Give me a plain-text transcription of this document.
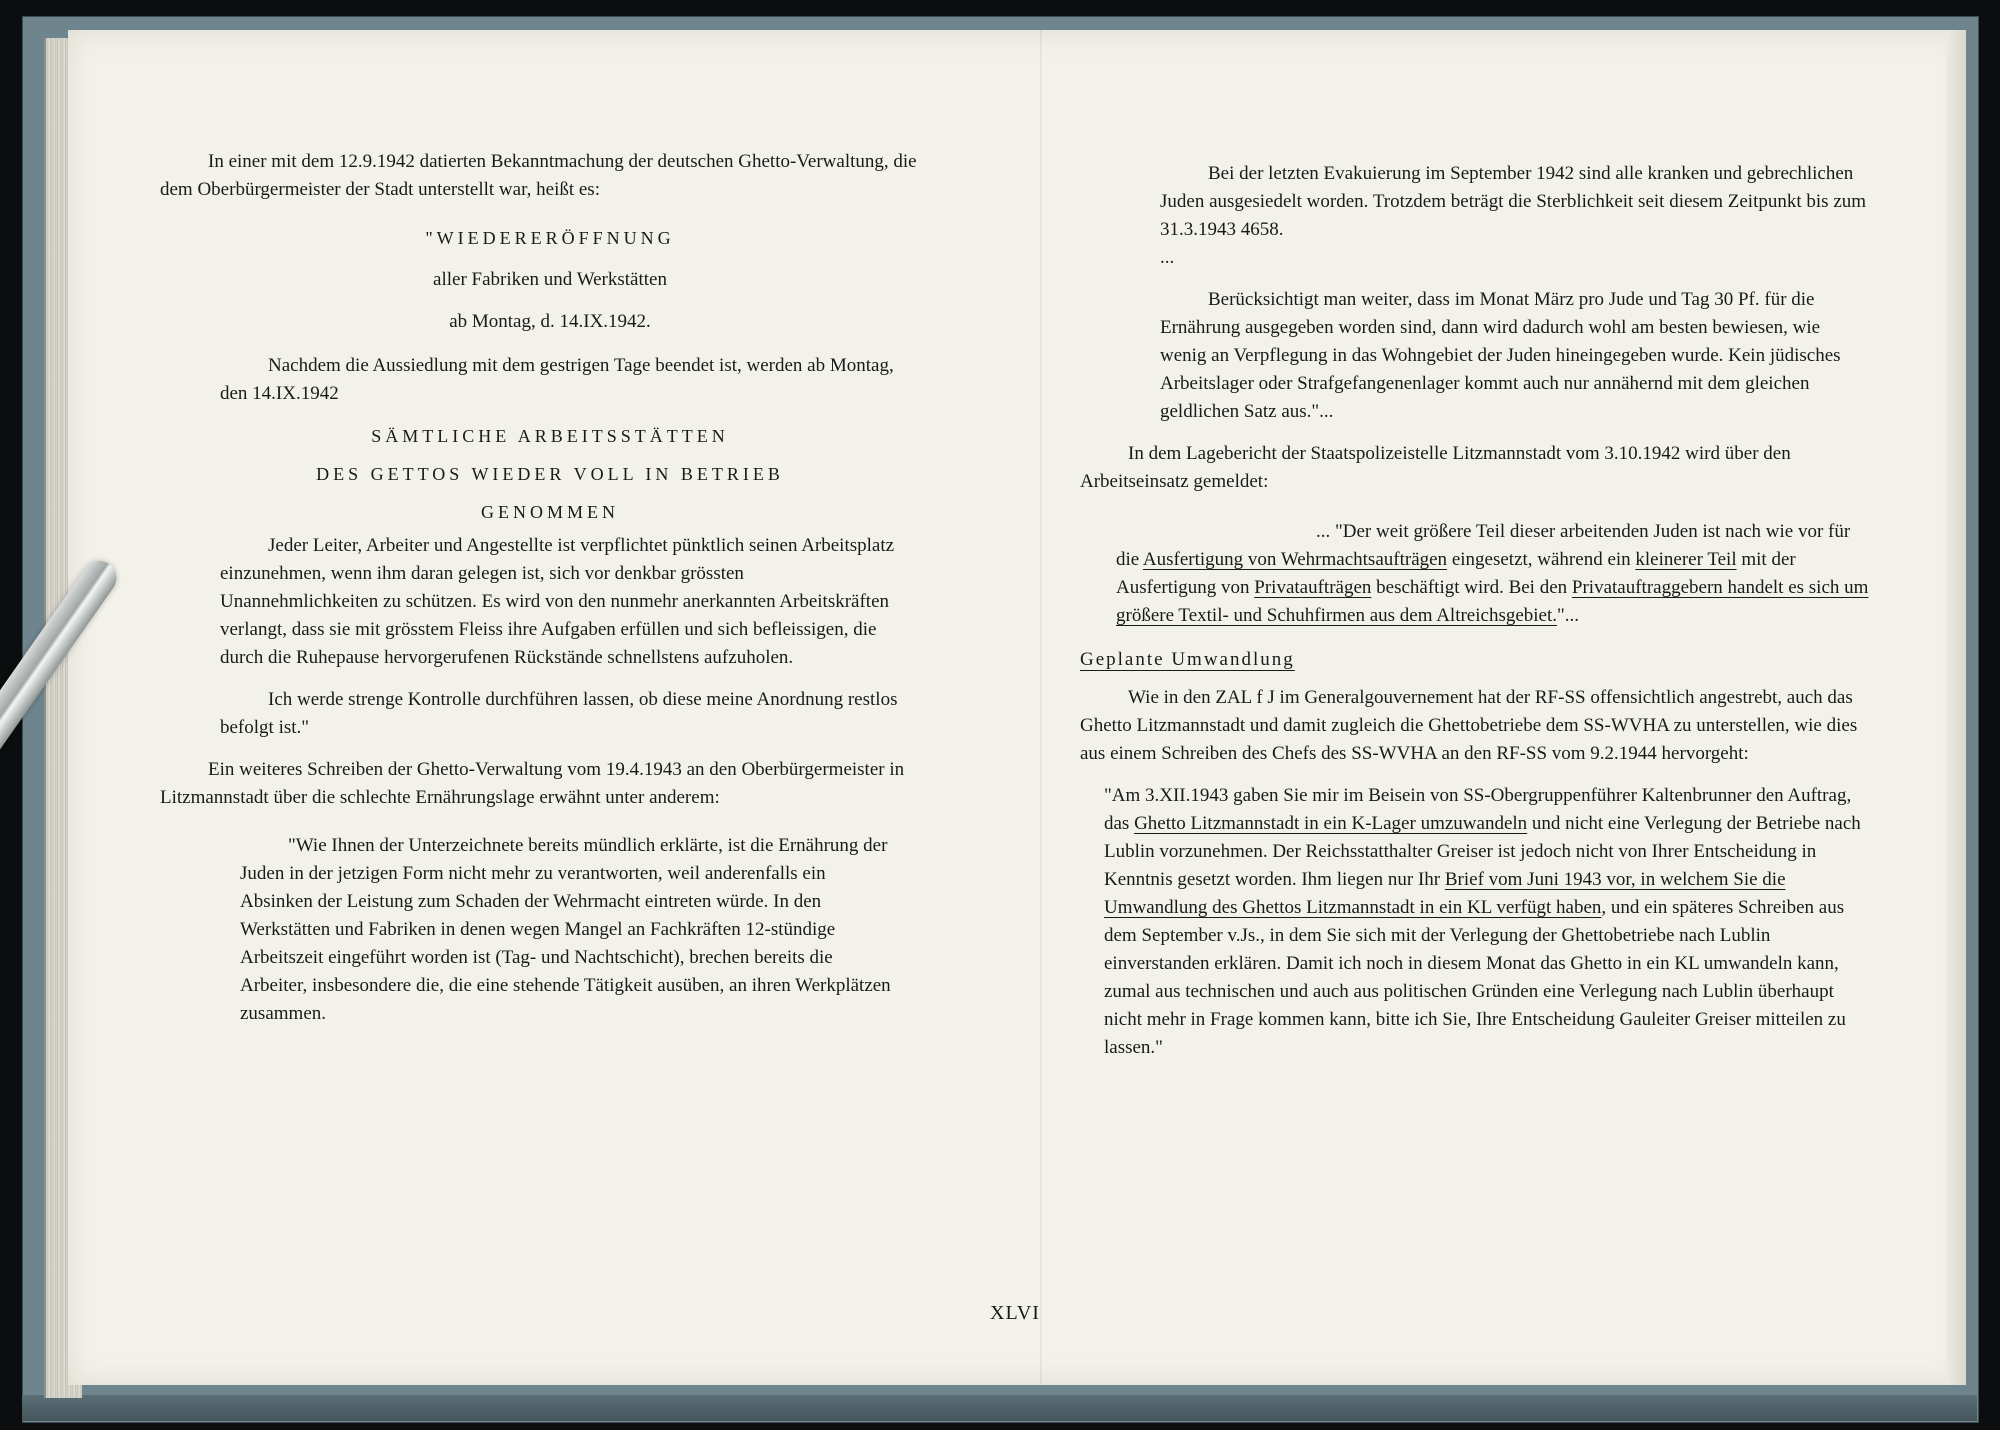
In einer mit dem 12.9.1942 datierten Bekanntmachung der deutschen Ghetto-Verwaltung, die dem Oberbürgermeister der Stadt unterstellt war, heißt es:

"WIEDERERÖFFNUNG

aller Fabriken und Werkstätten

ab Montag, d. 14.IX.1942.

Nachdem die Aussiedlung mit dem gestrigen Tage beendet ist, werden ab Montag, den 14.IX.1942

SÄMTLICHE ARBEITSSTÄTTEN

DES GETTOS WIEDER VOLL IN BETRIEB

GENOMMEN

Jeder Leiter, Arbeiter und Angestellte ist verpflichtet pünktlich seinen Arbeitsplatz einzunehmen, wenn ihm daran gelegen ist, sich vor denkbar grössten Unannehmlichkeiten zu schützen. Es wird von den nunmehr anerkannten Arbeitskräften verlangt, dass sie mit grösstem Fleiss ihre Aufgaben erfüllen und sich befleissigen, die durch die Ruhepause hervorgerufenen Rückstände schnellstens aufzuholen.

Ich werde strenge Kontrolle durchführen lassen, ob diese meine Anordnung restlos befolgt ist."

Ein weiteres Schreiben der Ghetto-Verwaltung vom 19.4.1943 an den Oberbürgermeister in Litzmannstadt über die schlechte Ernährungslage erwähnt unter anderem:

"Wie Ihnen der Unterzeichnete bereits mündlich erklärte, ist die Ernährung der Juden in der jetzigen Form nicht mehr zu verantworten, weil anderenfalls ein Absinken der Leistung zum Schaden der Wehrmacht eintreten würde. In den Werkstätten und Fabriken in denen wegen Mangel an Fachkräften 12-stündige Arbeitszeit eingeführt worden ist (Tag- und Nachtschicht), brechen bereits die Arbeiter, insbesondere die, die eine stehende Tätigkeit ausüben, an ihren Werkplätzen zusammen.

Bei der letzten Evakuierung im September 1942 sind alle kranken und gebrechlichen Juden ausgesiedelt worden. Trotzdem beträgt die Sterblichkeit seit diesem Zeitpunkt bis zum 31.3.1943 4658.

...

Berücksichtigt man weiter, dass im Monat März pro Jude und Tag 30 Pf. für die Ernährung ausgegeben worden sind, dann wird dadurch wohl am besten bewiesen, wie wenig an Verpflegung in das Wohngebiet der Juden hineingegeben wurde. Kein jüdisches Arbeitslager oder Strafgefangenenlager kommt auch nur annähernd mit dem gleichen geldlichen Satz aus."...

In dem Lagebericht der Staatspolizeistelle Litzmannstadt vom 3.10.1942 wird über den Arbeitseinsatz gemeldet:

... "Der weit größere Teil dieser arbeitenden Juden ist nach wie vor für die Ausfertigung von Wehrmachtsaufträgen eingesetzt, während ein kleinerer Teil mit der Ausfertigung von Privataufträgen beschäftigt wird. Bei den Privatauftraggebern handelt es sich um größere Textil- und Schuhfirmen aus dem Altreichsgebiet."...

Geplante Umwandlung

Wie in den ZAL f J im Generalgouvernement hat der RF-SS offensichtlich angestrebt, auch das Ghetto Litzmannstadt und damit zugleich die Ghettobetriebe dem SS-WVHA zu unterstellen, wie dies aus einem Schreiben des Chefs des SS-WVHA an den RF-SS vom 9.2.1944 hervorgeht:

"Am 3.XII.1943 gaben Sie mir im Beisein von SS-Obergruppenführer Kaltenbrunner den Auftrag, das Ghetto Litzmannstadt in ein K-Lager umzuwandeln und nicht eine Verlegung der Betriebe nach Lublin vorzunehmen. Der Reichsstatthalter Greiser ist jedoch nicht von Ihrer Entscheidung in Kenntnis gesetzt worden. Ihm liegen nur Ihr Brief vom Juni 1943 vor, in welchem Sie die Umwandlung des Ghettos Litzmannstadt in ein KL verfügt haben, und ein späteres Schreiben aus dem September v.Js., in dem Sie sich mit der Verlegung der Ghettobetriebe nach Lublin einverstanden erklären. Damit ich noch in diesem Monat das Ghetto in ein KL umwandeln kann, zumal aus technischen und auch aus politischen Gründen eine Verlegung nach Lublin überhaupt nicht mehr in Frage kommen kann, bitte ich Sie, Ihre Entscheidung Gauleiter Greiser mitteilen zu lassen."

XLVI
